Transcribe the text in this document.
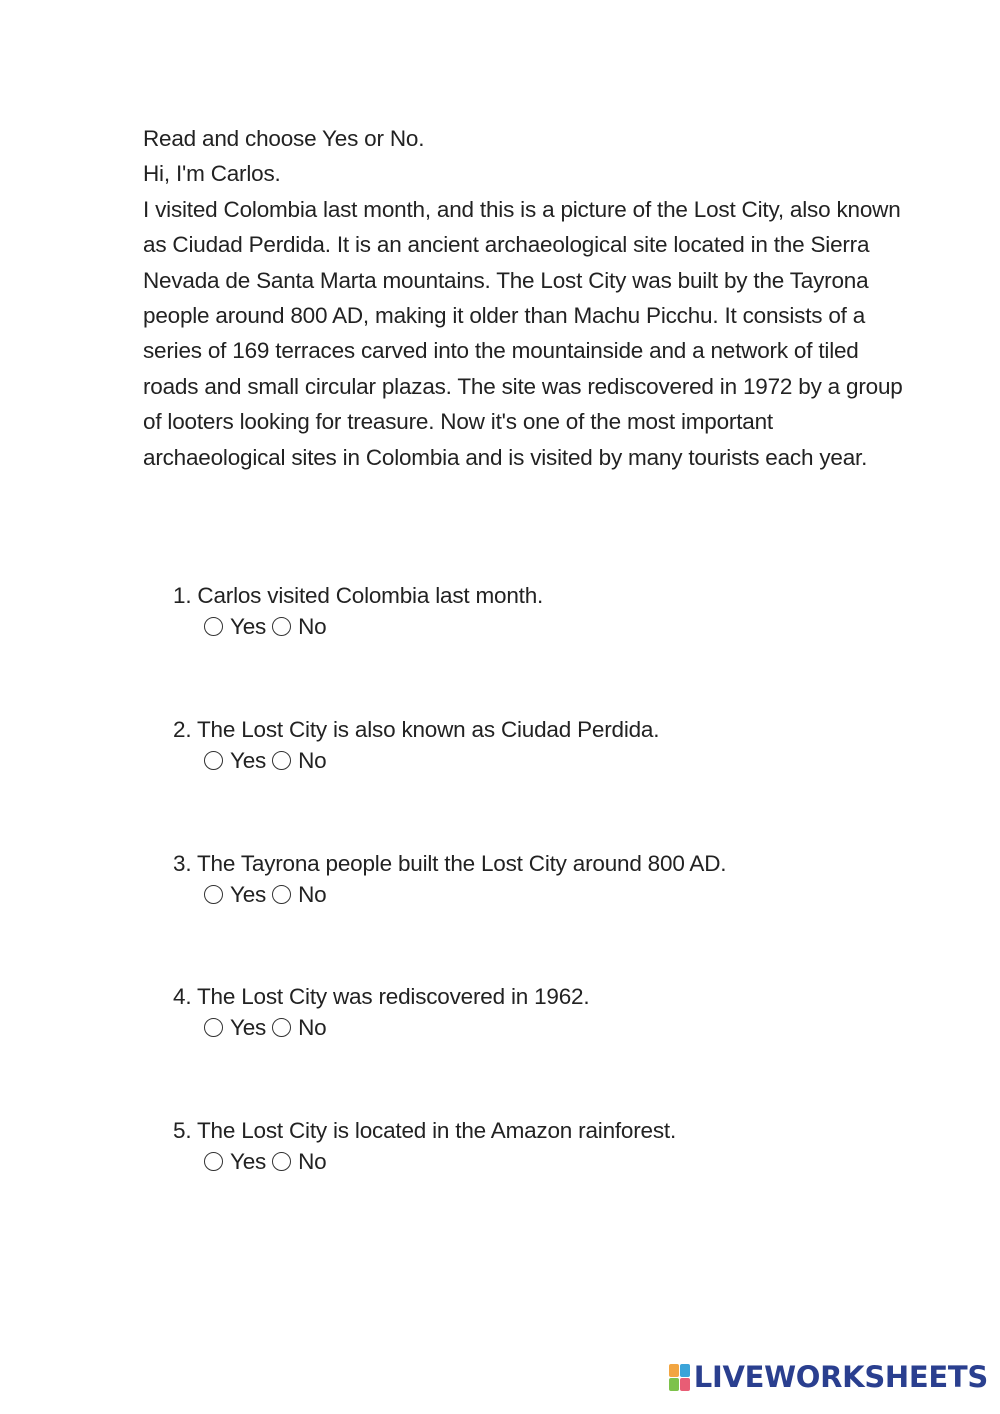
Read and choose Yes or No.

Hi, I'm Carlos.

I visited Colombia last month, and this is a picture of the Lost City, also known as Ciudad Perdida. It is an ancient archaeological site located in the Sierra Nevada de Santa Marta mountains. The Lost City was built by the Tayrona people around 800 AD, making it older than Machu Picchu. It consists of a series of 169 terraces carved into the mountainside and a network of tiled roads and small circular plazas. The site was rediscovered in 1972 by a group of looters looking for treasure. Now it's one of the most important archaeological sites in Colombia and is visited by many tourists each year.

1. Carlos visited Colombia last month.
Yes No
2. The Lost City is also known as Ciudad Perdida.
Yes No
3. The Tayrona people built the Lost City around 800 AD.
Yes No
4. The Lost City was rediscovered in 1962.
Yes No
5. The Lost City is located in the Amazon rainforest.
Yes No
LIVEWORKSHEETS
